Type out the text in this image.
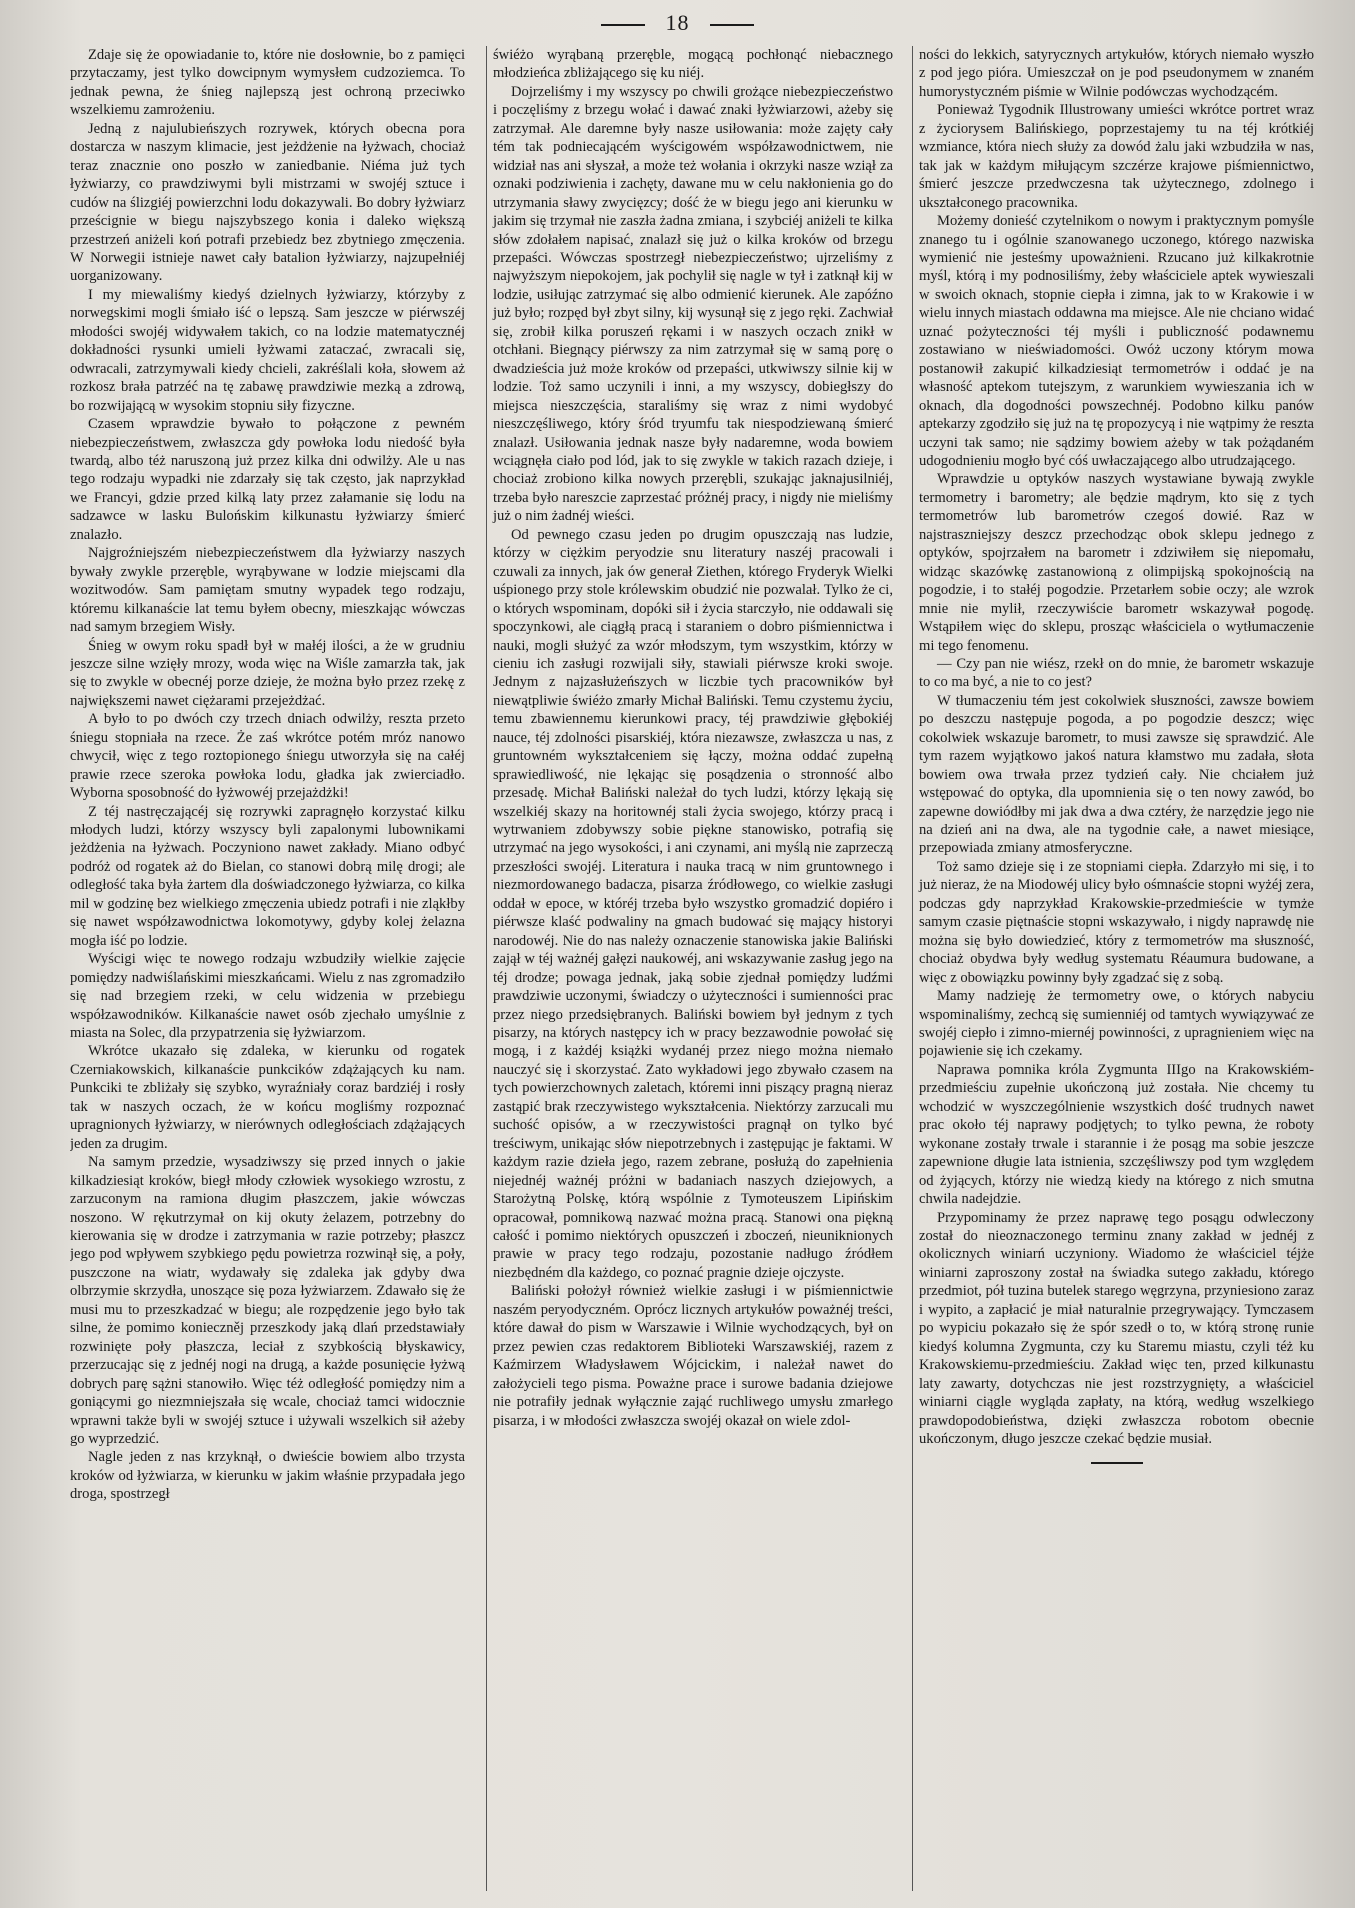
18

Zdaje się że opowiadanie to, które nie dosłownie, bo z pamięci przytaczamy, jest tylko dowcipnym wymysłem cudzoziemca. To jednak pewna, że śnieg najlepszą jest ochroną przeciwko wszelkiemu zamrożeniu.

Jedną z najulubieńszych rozrywek, których obecna pora dostarcza w naszym klimacie, jest jeżdżenie na łyżwach, chociaż teraz znacznie ono poszło w zaniedbanie. Niéma już tych łyżwiarzy, co prawdziwymi byli mistrzami w swojéj sztuce i cudów na ślizgiéj powierzchni lodu dokazywali. Bo dobry łyżwiarz prześcignie w biegu najszybszego konia i daleko większą przestrzeń aniżeli koń potrafi przebiedz bez zbytniego zmęczenia. W Norwegii istnieje nawet cały batalion łyżwiarzy, najzupełniéj uorganizowany.

I my miewaliśmy kiedyś dzielnych łyżwiarzy, którzyby z norwegskimi mogli śmiało iść o lepszą. Sam jeszcze w piérwszéj młodości swojéj widywałem takich, co na lodzie matematycznéj dokładności rysunki umieli łyżwami zataczać, zwracali się, odwracali, zatrzymywali kiedy chcieli, zakréślali koła, słowem aż rozkosz brała patrzéć na tę zabawę prawdziwie mezką a zdrową, bo rozwijającą w wysokim stopniu siły fizyczne.

Czasem wprawdzie bywało to połączone z pewném niebezpieczeństwem, zwłaszcza gdy powłoka lodu niedość była twardą, albo téż naruszoną już przez kilka dni odwilży. Ale u nas tego rodzaju wypadki nie zdarzały się tak często, jak naprzykład we Francyi, gdzie przed kilką laty przez załamanie się lodu na sadzawce w lasku Bulońskim kilkunastu łyżwiarzy śmierć znalazło.

Najgroźniejszém niebezpieczeństwem dla łyżwiarzy naszych bywały zwykle przeręble, wyrąbywane w lodzie miejscami dla wozitwodów. Sam pamiętam smutny wypadek tego rodzaju, któremu kilkanaście lat temu byłem obecny, mieszkając wówczas nad samym brzegiem Wisły.

Śnieg w owym roku spadł był w małéj ilości, a że w grudniu jeszcze silne wzięły mrozy, woda więc na Wiśle zamarzła tak, jak się to zwykle w obecnéj porze dzieje, że można było przez rzekę z największemi nawet ciężarami przejeżdżać.

A było to po dwóch czy trzech dniach odwilży, reszta przeto śniegu stopniała na rzece. Że zaś wkrótce potém mróz nanowo chwycił, więc z tego roztopionego śniegu utworzyła się na całéj prawie rzece szeroka powłoka lodu, gładka jak zwierciadło. Wyborna sposobność do łyżwowéj przejażdżki!

Z téj nastręczającéj się rozrywki zapragnęło korzystać kilku młodych ludzi, którzy wszyscy byli zapalonymi lubownikami jeżdżenia na łyżwach. Poczyniono nawet zakłady. Miano odbyć podróż od rogatek aż do Bielan, co stanowi dobrą milę drogi; ale odległość taka była żartem dla doświadczonego łyżwiarza, co kilka mil w godzinę bez wielkiego zmęczenia ubiedz potrafi i nie zląkłby się nawet współzawodnictwa lokomotywy, gdyby kolej żelazna mogła iść po lodzie.

Wyścigi więc te nowego rodzaju wzbudziły wielkie zajęcie pomiędzy nadwiślańskimi mieszkańcami. Wielu z nas zgromadziło się nad brzegiem rzeki, w celu widzenia w przebiegu współzawodników. Kilkanaście nawet osób zjechało umyślnie z miasta na Solec, dla przypatrzenia się łyżwiarzom.

Wkrótce ukazało się zdaleka, w kierunku od rogatek Czerniakowskich, kilkanaście punkcików zdążających ku nam. Punkciki te zbliżały się szybko, wyraźniały coraz bardziéj i rosły tak w naszych oczach, że w końcu mogliśmy rozpoznać upragnionych łyżwiarzy, w nierównych odległościach zdążających jeden za drugim.

Na samym przedzie, wysadziwszy się przed innych o jakie kilkadziesiąt kroków, biegł młody człowiek wysokiego wzrostu, z zarzuconym na ramiona długim płaszczem, jakie wówczas noszono. W rękutrzymał on kij okuty żelazem, potrzebny do kierowania się w drodze i zatrzymania w razie potrzeby; płaszcz jego pod wpływem szybkiego pędu powietrza rozwinął się, a poły, puszczone na wiatr, wydawały się zdaleka jak gdyby dwa olbrzymie skrzydła, unoszące się poza łyżwiarzem. Zdawało się że musi mu to przeszkadzać w biegu; ale rozpędzenie jego było tak silne, że pomimo konieczněj przeszkody jaką dlań przedstawiały rozwinięte poły płaszcza, leciał z szybkością błyskawicy, przerzucając się z jednéj nogi na drugą, a każde posunięcie łyżwą dobrych parę sążni stanowiło. Więc téż odległość pomiędzy nim a goniącymi go niezmniejszała się wcale, chociaż tamci widocznie wprawni także byli w swojéj sztuce i używali wszelkich sił ażeby go wyprzedzić.

Nagle jeden z nas krzyknął, o dwieście bowiem albo trzysta kroków od łyżwiarza, w kierunku w jakim właśnie przypadała jego droga, spostrzegł

świéżo wyrąbaną przeręble, mogącą pochłonąć niebacznego młodzieńca zbliżającego się ku niéj.

Dojrzeliśmy i my wszyscy po chwili grożące niebezpieczeństwo i poczęliśmy z brzegu wołać i dawać znaki łyżwiarzowi, ażeby się zatrzymał. Ale daremne były nasze usiłowania: może zajęty cały tém tak podniecającém wyścigowém współzawodnictwem, nie widział nas ani słyszał, a może też wołania i okrzyki nasze wziął za oznaki podziwienia i zachęty, dawane mu w celu nakłonienia go do utrzymania sławy zwycięzcy; dość że w biegu jego ani kierunku w jakim się trzymał nie zaszła żadna zmiana, i szybciéj aniżeli te kilka słów zdołałem napisać, znalazł się już o kilka kroków od brzegu przepaści. Wówczas spostrzegł niebezpieczeństwo; ujrzeliśmy z najwyższym niepokojem, jak pochylił się nagle w tył i zatknął kij w lodzie, usiłując zatrzymać się albo odmienić kierunek. Ale zapóźno już było; rozpęd był zbyt silny, kij wysunął się z jego ręki. Zachwiał się, zrobił kilka poruszeń rękami i w naszych oczach znikł w otchłani. Biegnący piérwszy za nim zatrzymał się w samą porę o dwadzieścia już może kroków od przepaści, utkwiwszy silnie kij w lodzie. Toż samo uczynili i inni, a my wszyscy, dobiegłszy do miejsca nieszczęścia, staraliśmy się wraz z nimi wydobyć nieszczęśliwego, który śród tryumfu tak niespodziewaną śmierć znalazł. Usiłowania jednak nasze były nadaremne, woda bowiem wciągnęła ciało pod lód, jak to się zwykle w takich razach dzieje, i chociaż zrobiono kilka nowych przerębli, szukając jaknajusilniéj, trzeba było nareszcie zaprzestać próżnéj pracy, i nigdy nie mieliśmy już o nim żadnéj wieści.

Od pewnego czasu jeden po drugim opuszczają nas ludzie, którzy w ciężkim peryodzie snu literatury naszéj pracowali i czuwali za innych, jak ów generał Ziethen, którego Fryderyk Wielki uśpionego przy stole królewskim obudzić nie pozwalał. Tylko że ci, o których wspominam, dopóki sił i życia starczyło, nie oddawali się spoczynkowi, ale ciągłą pracą i staraniem o dobro piśmiennictwa i nauki, mogli służyć za wzór młodszym, tym wszystkim, którzy w cieniu ich zasługi rozwijali siły, stawiali piérwsze kroki swoje. Jednym z najzasłużeńszych w liczbie tych pracowników był niewątpliwie świéżo zmarły Michał Baliński. Temu czystemu życiu, temu zbawiennemu kierunkowi pracy, téj prawdziwie głębokiéj nauce, téj zdolności pisarskiéj, która niezawsze, zwłaszcza u nas, z gruntowném wykształceniem się łączy, można oddać zupełną sprawiedliwość, nie lękając się posądzenia o stronność albo przesadę. Michał Baliński należał do tych ludzi, którzy lękają się wszelkiéj skazy na horitownéj stali życia swojego, którzy pracą i wytrwaniem zdobywszy sobie piękne stanowisko, potrafią się utrzymać na jego wysokości, i ani czynami, ani myślą nie zaprzeczą przeszłości swojéj. Literatura i nauka tracą w nim gruntownego i niezmordowanego badacza, pisarza źródłowego, co wielkie zasługi oddał w epoce, w któréj trzeba było wszystko gromadzić dopiéro i piérwsze klaść podwaliny na gmach budować się mający historyi narodowéj. Nie do nas należy oznaczenie stanowiska jakie Baliński zajął w téj ważnéj gałęzi naukowéj, ani wskazywanie zasług jego na téj drodze; powaga jednak, jaką sobie zjednał pomiędzy ludźmi prawdziwie uczonymi, świadczy o użyteczności i sumienności prac przez niego przedsiębranych. Baliński bowiem był jednym z tych pisarzy, na których następcy ich w pracy bezzawodnie powołać się mogą, i z każdéj książki wydanéj przez niego można niemało nauczyć się i skorzystać. Zato wykładowi jego zbywało czasem na tych powierzchownych zaletach, któremi inni piszący pragną nieraz zastąpić brak rzeczywistego wykształcenia. Niektórzy zarzucali mu suchość opisów, a w rzeczywistości pragnął on tylko być treściwym, unikając słów niepotrzebnych i zastępując je faktami. W każdym razie dzieła jego, razem zebrane, posłużą do zapełnienia niejednéj ważnéj próżni w badaniach naszych dziejowych, a Starożytną Polskę, którą wspólnie z Tymoteuszem Lipińskim opracował, pomnikową nazwać można pracą. Stanowi ona piękną całość i pomimo niektórych opuszczeń i zboczeń, nieuniknionych prawie w pracy tego rodzaju, pozostanie nadługo źródłem niezbędném dla każdego, co poznać pragnie dzieje ojczyste.

Baliński położył również wielkie zasługi i w piśmiennictwie naszém peryodyczném. Oprócz licznych artykułów poważnéj treści, które dawał do pism w Warszawie i Wilnie wychodzących, był on przez pewien czas redaktorem Biblioteki Warszawskiéj, razem z Kaźmirzem Władysławem Wójcickim, i należał nawet do założycieli tego pisma. Poważne prace i surowe badania dziejowe nie potrafiły jednak wyłącznie zająć ruchliwego umysłu zmarłego pisarza, i w młodości zwłaszcza swojéj okazał on wiele zdol-

ności do lekkich, satyrycznych artykułów, których niemało wyszło z pod jego pióra. Umieszczał on je pod pseudonymem w znaném humorystyczném piśmie w Wilnie podówczas wychodzącém.

Ponieważ Tygodnik Illustrowany umieści wkrótce portret wraz z życiorysem Balińskiego, poprzestajemy tu na téj krótkiéj wzmiance, która niech służy za dowód żalu jaki wzbudziła w nas, tak jak w każdym miłującym szczérze krajowe piśmiennictwo, śmierć jeszcze przedwczesna tak użytecznego, zdolnego i ukształconego pracownika.

Możemy donieść czytelnikom o nowym i praktycznym pomyśle znanego tu i ogólnie szanowanego uczonego, którego nazwiska wymienić nie jesteśmy upoważnieni. Rzucano już kilkakrotnie myśl, którą i my podnosiliśmy, żeby właściciele aptek wywieszali w swoich oknach, stopnie ciepła i zimna, jak to w Krakowie i w wielu innych miastach oddawna ma miejsce. Ale nie chciano widać uznać pożyteczności téj myśli i publiczność podawnemu zostawiano w nieświadomości. Owóż uczony którym mowa postanowił zakupić kilkadziesiąt termometrów i oddać je na własność aptekom tutejszym, z warunkiem wywieszania ich w oknach, dla dogodności powszechnéj. Podobno kilku panów aptekarzy zgodziło się już na tę propozycyą i nie wątpimy że reszta uczyni tak samo; nie sądzimy bowiem ażeby w tak pożądaném udogodnieniu mogło być cóś uwłaczającego albo utrudzającego.

Wprawdzie u optyków naszych wystawiane bywają zwykle termometry i barometry; ale będzie mądrym, kto się z tych termometrów lub barometrów czegoś dowié. Raz w najstraszniejszy deszcz przechodząc obok sklepu jednego z optyków, spojrzałem na barometr i zdziwiłem się niepomału, widząc skazówkę zastanowioną z olimpijską spokojnością na pogodzie, i to stałéj pogodzie. Przetarłem sobie oczy; ale wzrok mnie nie mylił, rzeczywiście barometr wskazywał pogodę. Wstąpiłem więc do sklepu, prosząc właściciela o wytłumaczenie mi tego fenomenu.

— Czy pan nie wiész, rzekł on do mnie, że barometr wskazuje to co ma być, a nie to co jest?

W tłumaczeniu tém jest cokolwiek słuszności, zawsze bowiem po deszczu następuje pogoda, a po pogodzie deszcz; więc cokolwiek wskazuje barometr, to musi zawsze się sprawdzić. Ale tym razem wyjątkowo jakoś natura kłamstwo mu zadała, słota bowiem owa trwała przez tydzień cały. Nie chciałem już wstępować do optyka, dla upomnienia się o ten nowy zawód, bo zapewne dowiódłby mi jak dwa a dwa cztéry, że narzędzie jego nie na dzień ani na dwa, ale na tygodnie całe, a nawet miesiące, przepowiada zmiany atmosferyczne.

Toż samo dzieje się i ze stopniami ciepła. Zdarzyło mi się, i to już nieraz, że na Miodowéj ulicy było ośmnaście stopni wyżéj zera, podczas gdy naprzykład Krakowskie-przedmieście w tymże samym czasie piętnaście stopni wskazywało, i nigdy naprawdę nie można się było dowiedzieć, który z termometrów ma słuszność, chociaż obydwa były według systematu Réaumura budowane, a więc z obowiązku powinny były zgadzać się z sobą.

Mamy nadzieję że termometry owe, o których nabyciu wspominaliśmy, zechcą się sumienniéj od tamtych wywiązywać ze swojéj ciepło i zimno-miernéj powinności, z upragnieniem więc na pojawienie się ich czekamy.

Naprawa pomnika króla Zygmunta IIIgo na Krakowskiém-przedmieściu zupełnie ukończoną już została. Nie chcemy tu wchodzić w wyszczególnienie wszystkich dość trudnych nawet prac około téj naprawy podjętych; to tylko pewna, że roboty wykonane zostały trwale i starannie i że posąg ma sobie jeszcze zapewnione długie lata istnienia, szczęśliwszy pod tym względem od żyjących, którzy nie wiedzą kiedy na którego z nich smutna chwila nadejdzie.

Przypominamy że przez naprawę tego posągu odwleczony został do nieoznaczonego terminu znany zakład w jednéj z okolicznych winiarń uczyniony. Wiadomo że właściciel téjże winiarni zaproszony został na świadka sutego zakładu, którego przedmiot, pół tuzina butelek starego węgrzyna, przyniesiono zaraz i wypito, a zapłacić je miał naturalnie przegrywający. Tymczasem po wypiciu pokazało się że spór szedł o to, w którą stronę runie kiedyś kolumna Zygmunta, czy ku Staremu miastu, czyli téż ku Krakowskiemu-przedmieściu. Zakład więc ten, przed kilkunastu laty zawarty, dotychczas nie jest rozstrzygnięty, a właściciel winiarni ciągle wygląda zapłaty, na którą, według wszelkiego prawdopodobieństwa, dzięki zwłaszcza robotom obecnie ukończonym, długo jeszcze czekać będzie musiał.
